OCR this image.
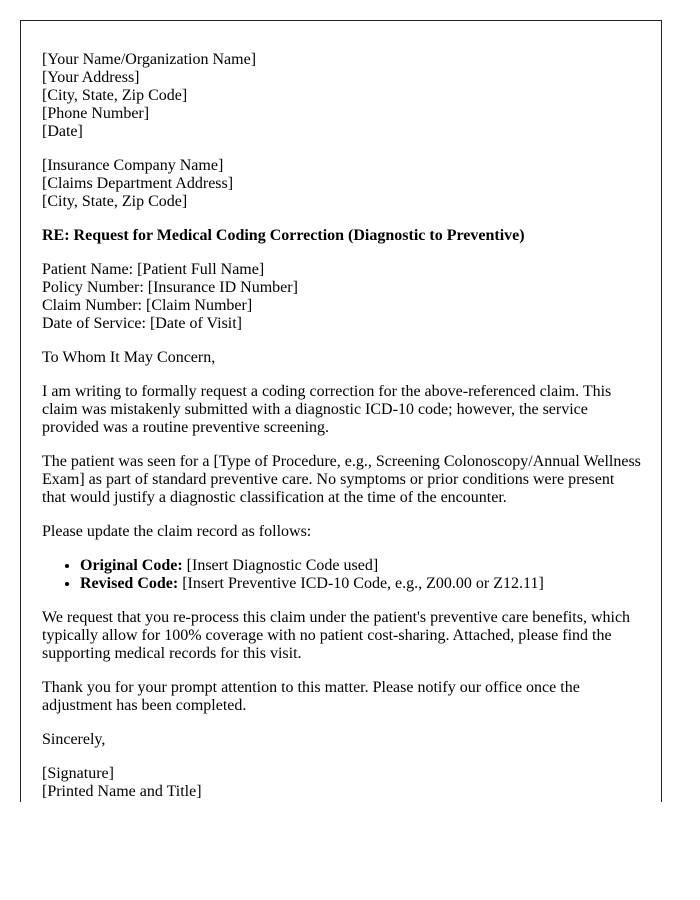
[Your Name/Organization Name]
[Your Address]
[City, State, Zip Code]
[Phone Number]
[Date]

[Insurance Company Name]
[Claims Department Address]
[City, State, Zip Code]

RE: Request for Medical Coding Correction (Diagnostic to Preventive)

Patient Name: [Patient Full Name]
Policy Number: [Insurance ID Number]
Claim Number: [Claim Number]
Date of Service: [Date of Visit]

To Whom It May Concern,

I am writing to formally request a coding correction for the above-referenced claim. This claim was mistakenly submitted with a diagnostic ICD-10 code; however, the service provided was a routine preventive screening.

The patient was seen for a [Type of Procedure, e.g., Screening Colonoscopy/Annual Wellness Exam] as part of standard preventive care. No symptoms or prior conditions were present that would justify a diagnostic classification at the time of the encounter.

Please update the claim record as follows:

• Original Code: [Insert Diagnostic Code used]
• Revised Code: [Insert Preventive ICD-10 Code, e.g., Z00.00 or Z12.11]

We request that you re-process this claim under the patient's preventive care benefits, which typically allow for 100% coverage with no patient cost-sharing. Attached, please find the supporting medical records for this visit.

Thank you for your prompt attention to this matter. Please notify our office once the adjustment has been completed.

Sincerely,

[Signature]
[Printed Name and Title]
